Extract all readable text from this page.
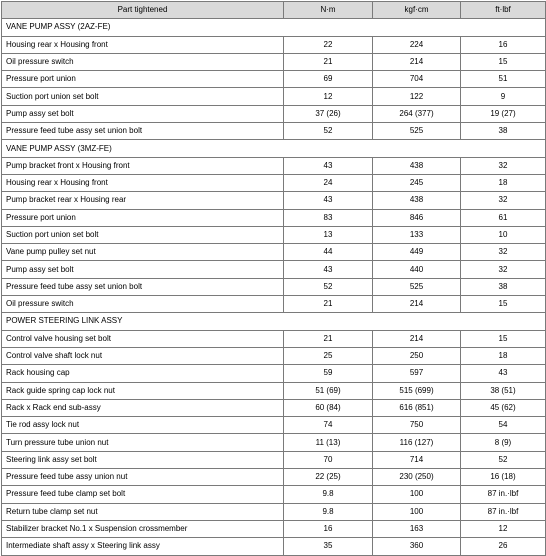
Part tightened	N·m	kgf·cm	ft·lbf
VANE PUMP ASSY (2AZ-FE)			
Housing rear x Housing front	22	224	16
Oil pressure switch	21	214	15
Pressure port union	69	704	51
Suction port union set bolt	12	122	9
Pump assy set bolt	37 (26)	264 (377)	19 (27)
Pressure feed tube assy set union bolt	52	525	38
VANE PUMP ASSY (3MZ-FE)			
Pump bracket front x Housing front	43	438	32
Housing rear x Housing front	24	245	18
Pump bracket rear x Housing rear	43	438	32
Pressure port union	83	846	61
Suction port union set bolt	13	133	10
Vane pump pulley set nut	44	449	32
Pump assy set bolt	43	440	32
Pressure feed tube assy set union bolt	52	525	38
Oil pressure switch	21	214	15
POWER STEERING LINK ASSY			
Control valve housing set bolt	21	214	15
Control valve shaft lock nut	25	250	18
Rack housing cap	59	597	43
Rack guide spring cap lock nut	51 (69)	515 (699)	38 (51)
Rack x Rack end sub-assy	60 (84)	616 (851)	45 (62)
Tie rod assy lock nut	74	750	54
Turn pressure tube union nut	11 (13)	116 (127)	8 (9)
Steering link assy set bolt	70	714	52
Pressure feed tube assy union nut	22 (25)	230 (250)	16 (18)
Pressure feed tube clamp set bolt	9.8	100	87 in.·lbf
Return tube clamp set nut	9.8	100	87 in.·lbf
Stabilizer bracket No.1 x Suspension crossmember	16	163	12
Intermediate shaft assy x Steering link assy	35	360	26
